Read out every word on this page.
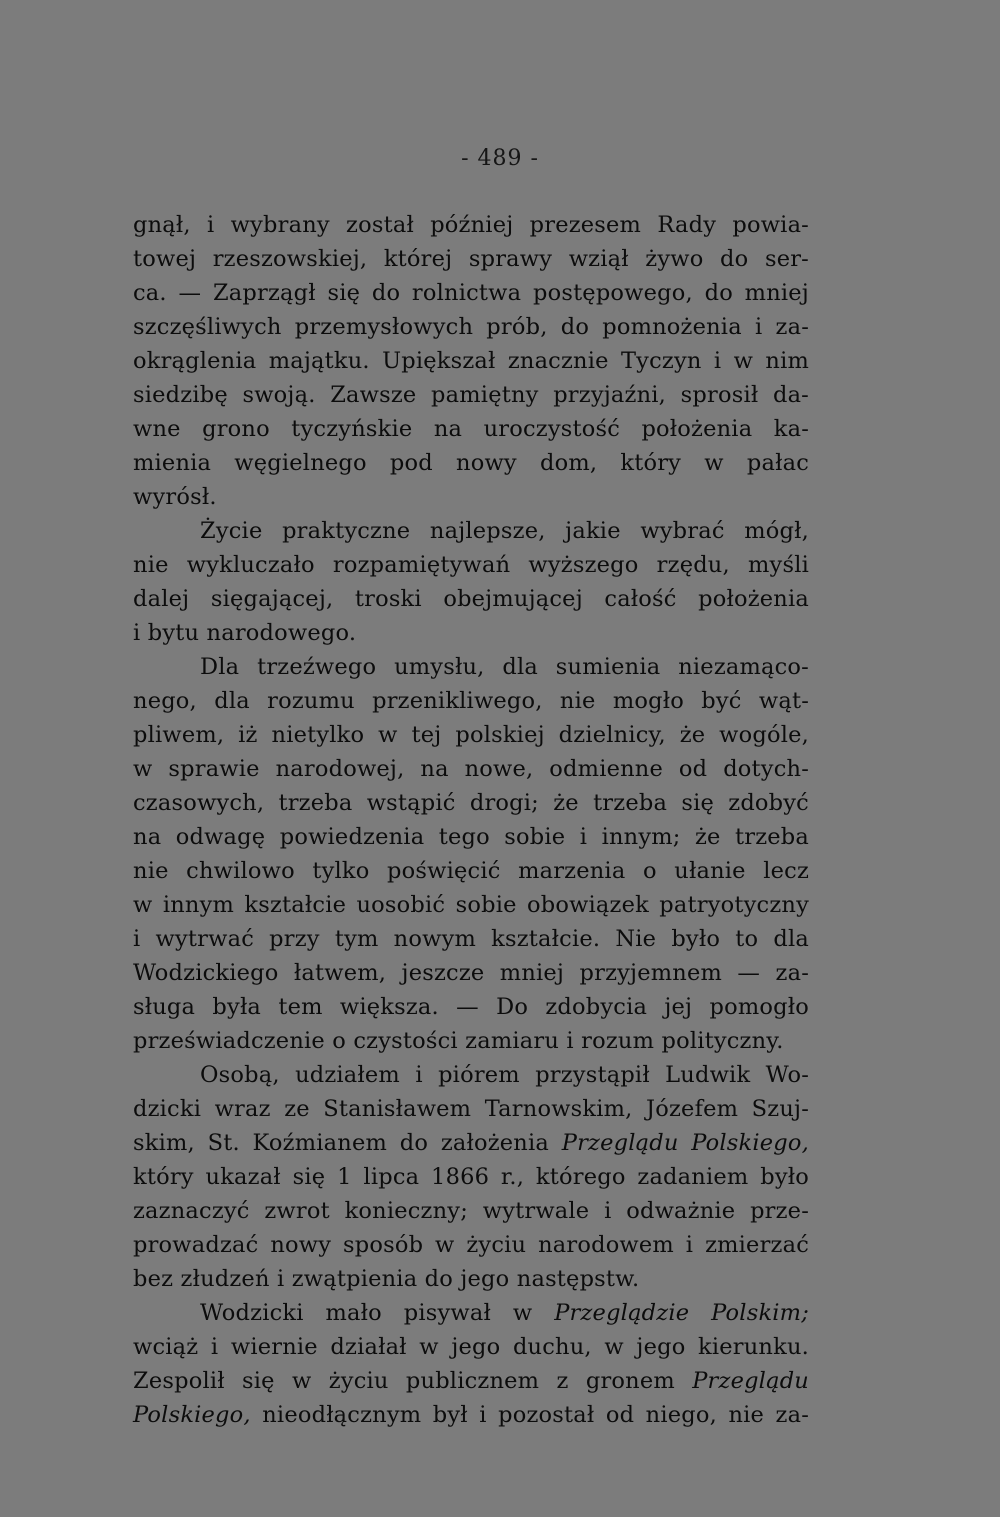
- 489 -
gnął, i wybrany został później prezesem Rady powia-
towej rzeszowskiej, której sprawy wziął żywo do ser-
ca. — Zaprzągł się do rolnictwa postępowego, do mniej
szczęśliwych przemysłowych prób, do pomnożenia i za-
okrąglenia majątku. Upiększał znacznie Tyczyn i w nim
siedzibę swoją. Zawsze pamiętny przyjaźni, sprosił da-
wne grono tyczyńskie na uroczystość położenia ka-
mienia węgielnego pod nowy dom, który w pałac
wyrósł.
Życie praktyczne najlepsze, jakie wybrać mógł,
nie wykluczało rozpamiętywań wyższego rzędu, myśli
dalej sięgającej, troski obejmującej całość położenia
i bytu narodowego.
Dla trzeźwego umysłu, dla sumienia niezamąco-
nego, dla rozumu przenikliwego, nie mogło być wąt-
pliwem, iż nietylko w tej polskiej dzielnicy, że wogóle,
w sprawie narodowej, na nowe, odmienne od dotych-
czasowych, trzeba wstąpić drogi; że trzeba się zdobyć
na odwagę powiedzenia tego sobie i innym; że trzeba
nie chwilowo tylko poświęcić marzenia o ułanie lecz
w innym kształcie uosobić sobie obowiązek patryotyczny
i wytrwać przy tym nowym kształcie. Nie było to dla
Wodzickiego łatwem, jeszcze mniej przyjemnem — za-
sługa była tem większa. — Do zdobycia jej pomogło
przeświadczenie o czystości zamiaru i rozum polityczny.
Osobą, udziałem i piórem przystąpił Ludwik Wo-
dzicki wraz ze Stanisławem Tarnowskim, Józefem Szuj-
skim, St. Koźmianem do założenia Przeglądu Polskiego,
który ukazał się 1 lipca 1866 r., którego zadaniem było
zaznaczyć zwrot konieczny; wytrwale i odważnie prze-
prowadzać nowy sposób w życiu narodowem i zmierzać
bez złudzeń i zwątpienia do jego następstw.
Wodzicki mało pisywał w Przeglądzie Polskim;
wciąż i wiernie działał w jego duchu, w jego kierunku.
Zespolił się w życiu publicznem z gronem Przeglądu
Polskiego, nieodłącznym był i pozostał od niego, nie za-
